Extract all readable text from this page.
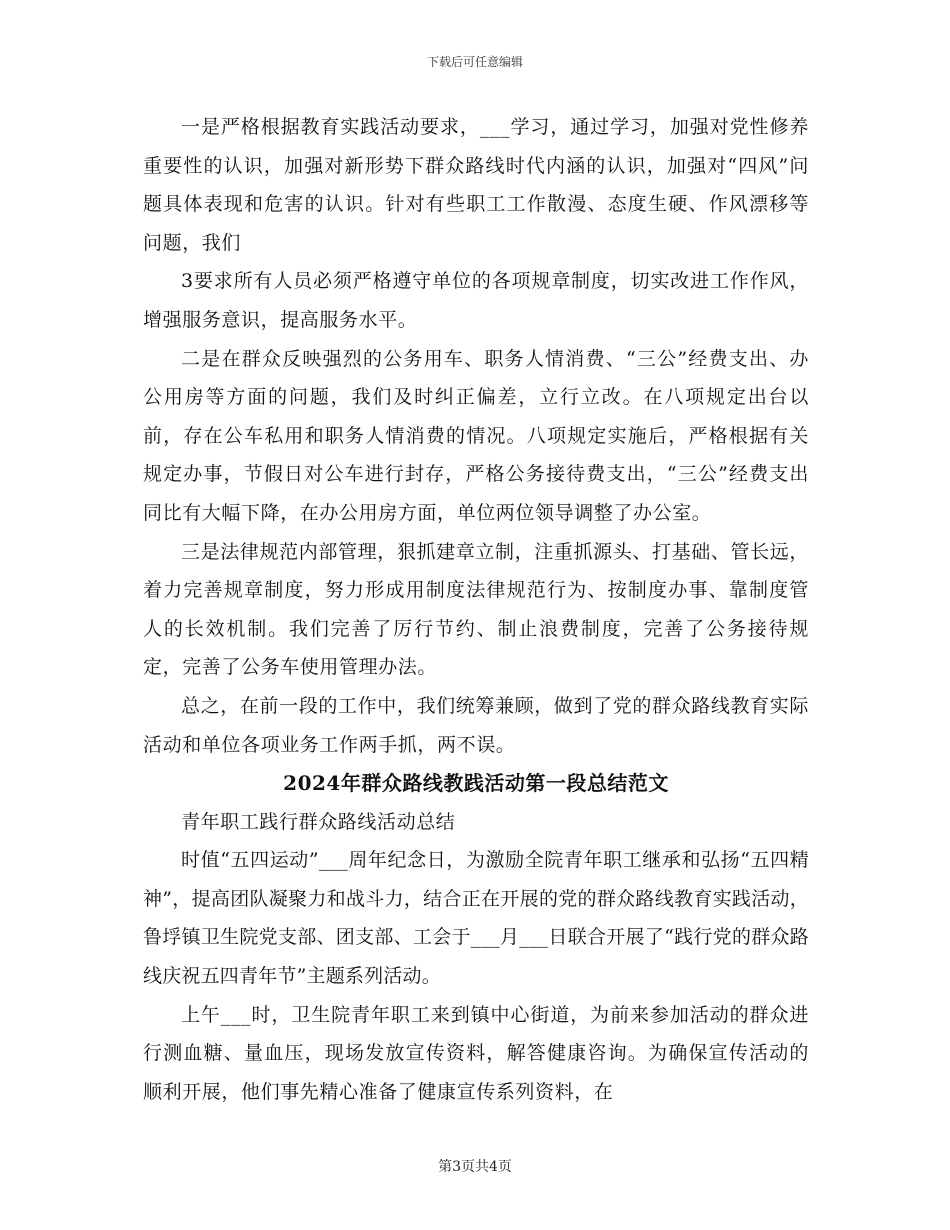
下载后可任意编辑

一是严格根据教育实践活动要求，___学习，通过学习，加强对党性修养重要性的认识，加强对新形势下群众路线时代内涵的认识，加强对“四风”问题具体表现和危害的认识。针对有些职工工作散漫、态度生硬、作风漂移等问题，我们

3要求所有人员必须严格遵守单位的各项规章制度，切实改进工作作风，增强服务意识，提高服务水平。

二是在群众反映强烈的公务用车、职务人情消费、“三公”经费支出、办公用房等方面的问题，我们及时纠正偏差，立行立改。在八项规定出台以前，存在公车私用和职务人情消费的情况。八项规定实施后，严格根据有关规定办事，节假日对公车进行封存，严格公务接待费支出，“三公”经费支出同比有大幅下降，在办公用房方面，单位两位领导调整了办公室。

三是法律规范内部管理，狠抓建章立制，注重抓源头、打基础、管长远，着力完善规章制度，努力形成用制度法律规范行为、按制度办事、靠制度管人的长效机制。我们完善了厉行节约、制止浪费制度，完善了公务接待规定，完善了公务车使用管理办法。

总之，在前一段的工作中，我们统筹兼顾，做到了党的群众路线教育实际活动和单位各项业务工作两手抓，两不误。

2024年群众路线教践活动第一段总结范文

青年职工践行群众路线活动总结

时值“五四运动”___周年纪念日，为激励全院青年职工继承和弘扬“五四精神”，提高团队凝聚力和战斗力，结合正在开展的党的群众路线教育实践活动，鲁垺镇卫生院党支部、团支部、工会于___月___日联合开展了“践行党的群众路线庆祝五四青年节”主题系列活动。

上午___时，卫生院青年职工来到镇中心街道，为前来参加活动的群众进行测血糖、量血压，现场发放宣传资料，解答健康咨询。为确保宣传活动的顺利开展，他们事先精心准备了健康宣传系列资料，在

第3页共4页
